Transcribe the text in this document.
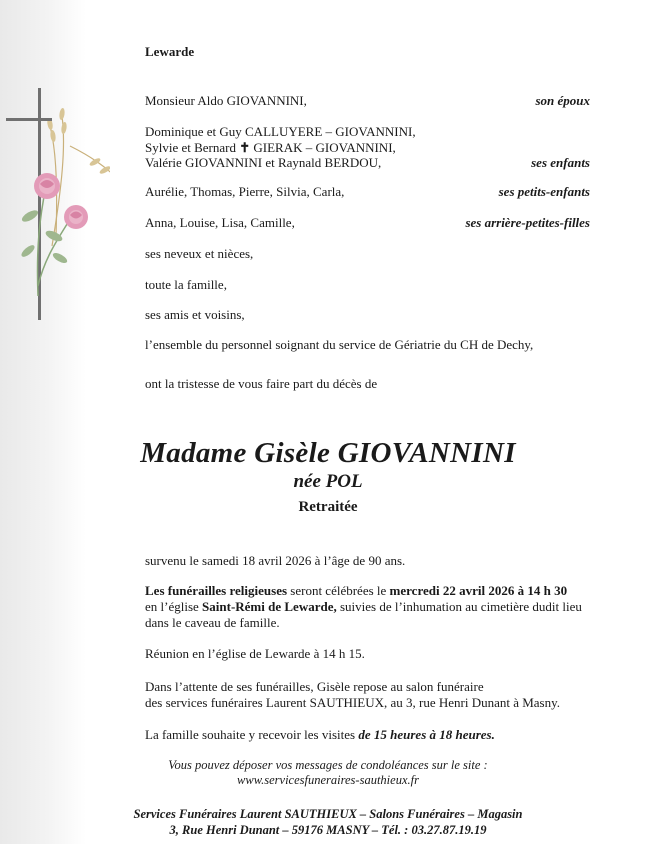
Lewarde
Monsieur Aldo GIOVANNINI,	son époux
Dominique et Guy CALLUYERE – GIOVANNINI,
Sylvie et Bernard ✝ GIERAK – GIOVANNINI,
Valérie GIOVANNINI et Raynald BERDOU,	ses enfants
Aurélie, Thomas, Pierre, Silvia, Carla,	ses petits-enfants
Anna, Louise, Lisa, Camille,	ses arrière-petites-filles
ses neveux et nièces,
toute la famille,
ses amis et voisins,
l’ensemble du personnel soignant du service de Gériatrie du CH de Dechy,
ont la tristesse de vous faire part du décès de
Madame Gisèle GIOVANNINI
née POL
Retraitée
survenu le samedi 18 avril 2026 à l’âge de 90 ans.
Les funérailles religieuses seront célébrées le mercredi 22 avril 2026 à 14 h 30
en l’église Saint-Rémi de Lewarde, suivies de l’inhumation au cimetière dudit lieu
dans le caveau de famille.
Réunion en l’église de Lewarde à 14 h 15.
Dans l’attente de ses funérailles, Gisèle repose au salon funéraire
des services funéraires Laurent SAUTHIEUX, au 3, rue Henri Dunant à Masny.
La famille souhaite y recevoir les visites de 15 heures à 18 heures.
Vous pouvez déposer vos messages de condoléances sur le site :
www.servicesfuneraires-sauthieux.fr
Services Funéraires Laurent SAUTHIEUX – Salons Funéraires – Magasin
3, Rue Henri Dunant – 59176 MASNY – Tél. : 03.27.87.19.19
